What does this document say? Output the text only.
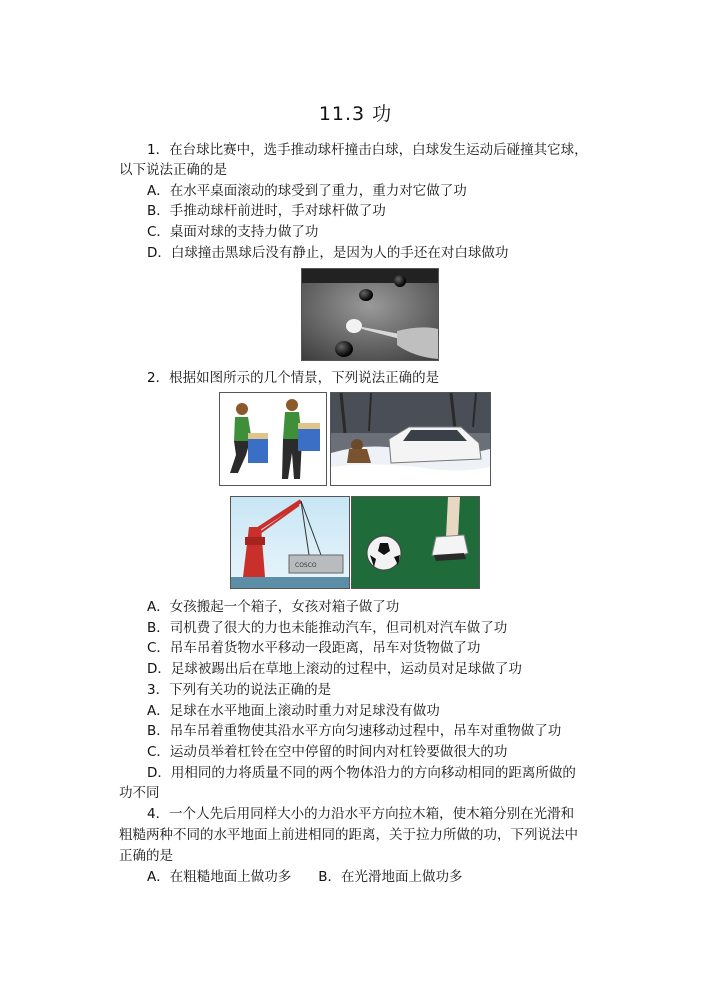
11.3 功
1．在台球比赛中，选手推动球杆撞击白球，白球发生运动后碰撞其它球，
以下说法正确的是
A．在水平桌面滚动的球受到了重力，重力对它做了功
B．手推动球杆前进时，手对球杆做了功
C．桌面对球的支持力做了功
D．白球撞击黑球后没有静止，是因为人的手还在对白球做功
2．根据如图所示的几个情景，下列说法正确的是
COSCO
A．女孩搬起一个箱子，女孩对箱子做了功
B．司机费了很大的力也未能推动汽车，但司机对汽车做了功
C．吊车吊着货物水平移动一段距离，吊车对货物做了功
D．足球被踢出后在草地上滚动的过程中，运动员对足球做了功
3．下列有关功的说法正确的是
A．足球在水平地面上滚动时重力对足球没有做功
B．吊车吊着重物使其沿水平方向匀速移动过程中，吊车对重物做了功
C．运动员举着杠铃在空中停留的时间内对杠铃要做很大的功
D．用相同的力将质量不同的两个物体沿力的方向移动相同的距离所做的
功不同
4．一个人先后用同样大小的力沿水平方向拉木箱，使木箱分别在光滑和
粗糙两种不同的水平地面上前进相同的距离，关于拉力所做的功，下列说法中
正确的是
A．在粗糙地面上做功多　　B．在光滑地面上做功多
